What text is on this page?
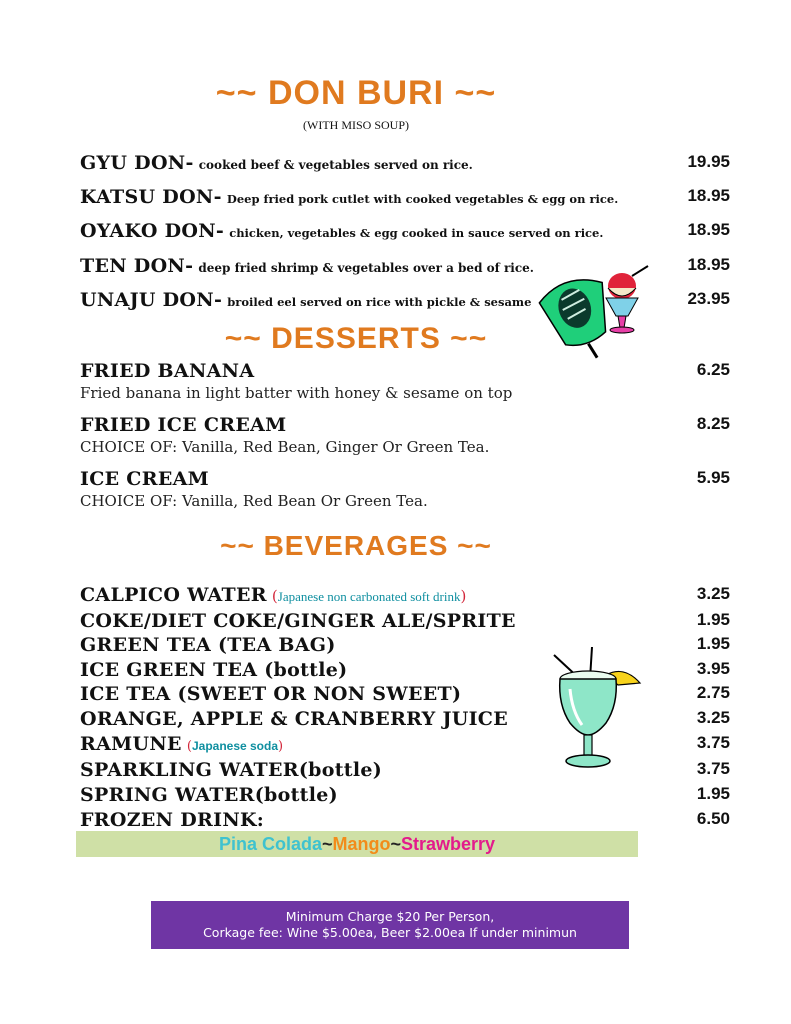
~~ DON BURI ~~
(WITH MISO SOUP)
GYU DON- cooked beef & vegetables served on rice.	19.95
KATSU DON- Deep fried pork cutlet with cooked vegetables & egg on rice.	18.95
OYAKO DON- chicken, vegetables & egg cooked in sauce served on rice.	18.95
TEN DON- deep fried shrimp & vegetables over a bed of rice.	18.95
UNAJU DON- broiled eel served on rice with pickle & sesame	23.95
~~ DESSERTS ~~
FRIED BANANA	6.25
Fried banana in light batter with honey & sesame on top
FRIED ICE CREAM	8.25
CHOICE OF: Vanilla, Red Bean, Ginger Or Green Tea.
ICE CREAM	5.95
CHOICE OF: Vanilla, Red Bean Or Green Tea.
~~ BEVERAGES ~~
CALPICO WATER (Japanese non carbonated soft drink)	3.25
COKE/DIET COKE/GINGER ALE/SPRITE	1.95
GREEN TEA (TEA BAG)	1.95
ICE GREEN TEA (bottle)	3.95
ICE TEA (SWEET OR NON SWEET)	2.75
ORANGE, APPLE & CRANBERRY JUICE	3.25
RAMUNE (Japanese soda)	3.75
SPARKLING WATER(bottle)	3.75
SPRING WATER(bottle)	1.95
FROZEN DRINK:	6.50
Pina Colada~Mango~Strawberry
Minimum Charge $20 Per Person,
Corkage fee: Wine $5.00ea, Beer $2.00ea If under minimun
